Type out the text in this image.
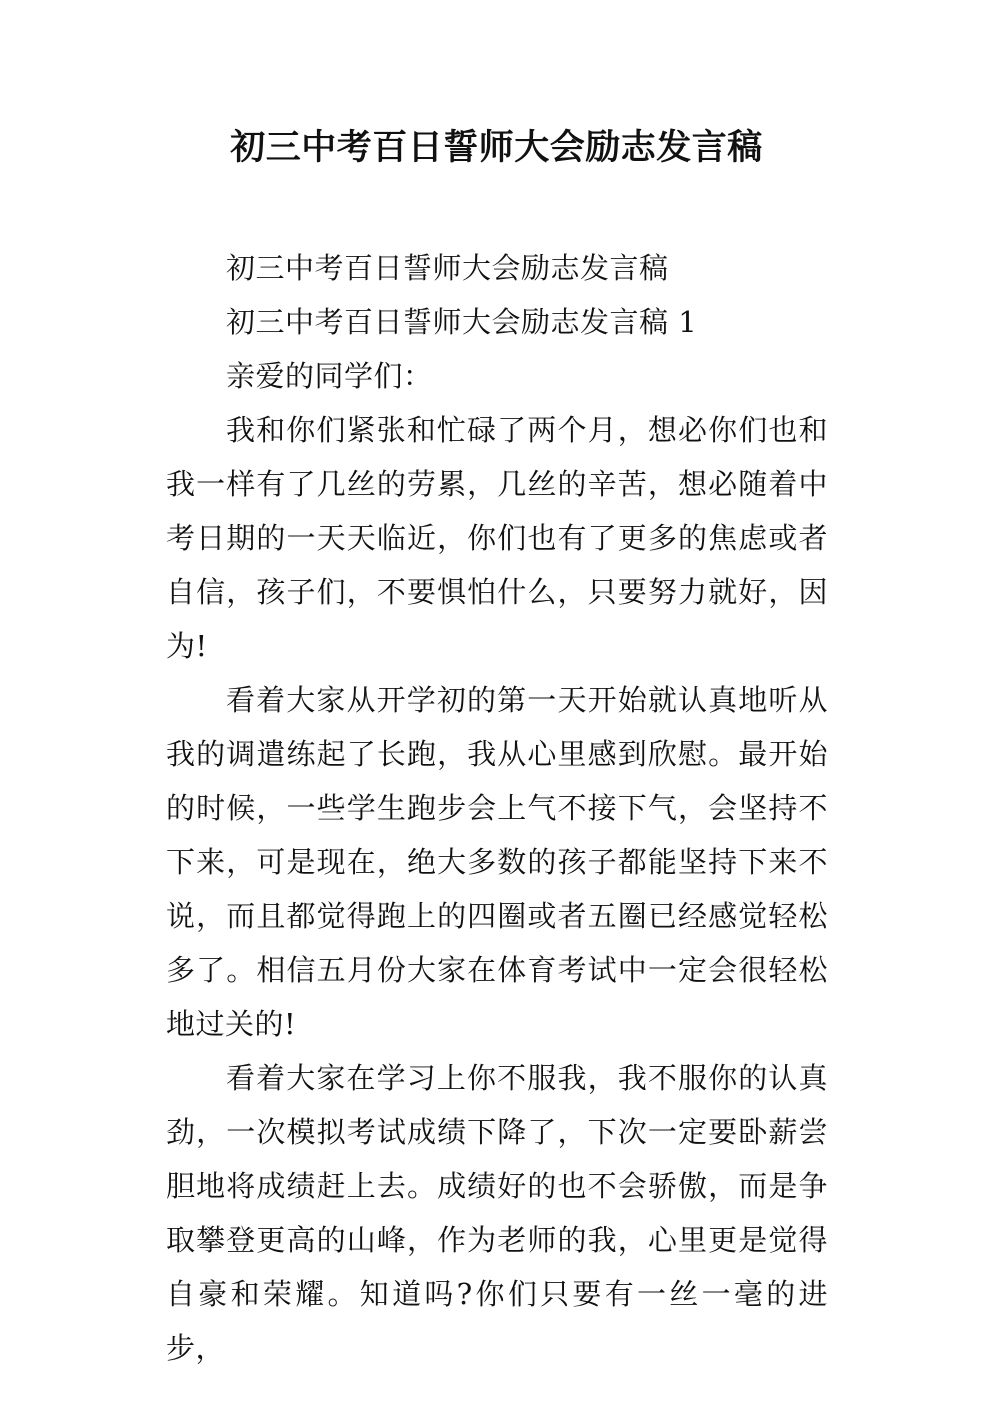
初三中考百日誓师大会励志发言稿

初三中考百日誓师大会励志发言稿

初三中考百日誓师大会励志发言稿 1

亲爱的同学们：

我和你们紧张和忙碌了两个月，想必你们也和我一样有了几丝的劳累，几丝的辛苦，想必随着中考日期的一天天临近，你们也有了更多的焦虑或者自信，孩子们，不要惧怕什么，只要努力就好，因为!

看着大家从开学初的第一天开始就认真地听从我的调遣练起了长跑，我从心里感到欣慰。最开始的时候，一些学生跑步会上气不接下气，会坚持不下来，可是现在，绝大多数的孩子都能坚持下来不说，而且都觉得跑上的四圈或者五圈已经感觉轻松多了。相信五月份大家在体育考试中一定会很轻松地过关的!

看着大家在学习上你不服我，我不服你的认真劲，一次模拟考试成绩下降了，下次一定要卧薪尝胆地将成绩赶上去。成绩好的也不会骄傲，而是争取攀登更高的山峰，作为老师的我，心里更是觉得自豪和荣耀。知道吗?你们只要有一丝一毫的进步，
